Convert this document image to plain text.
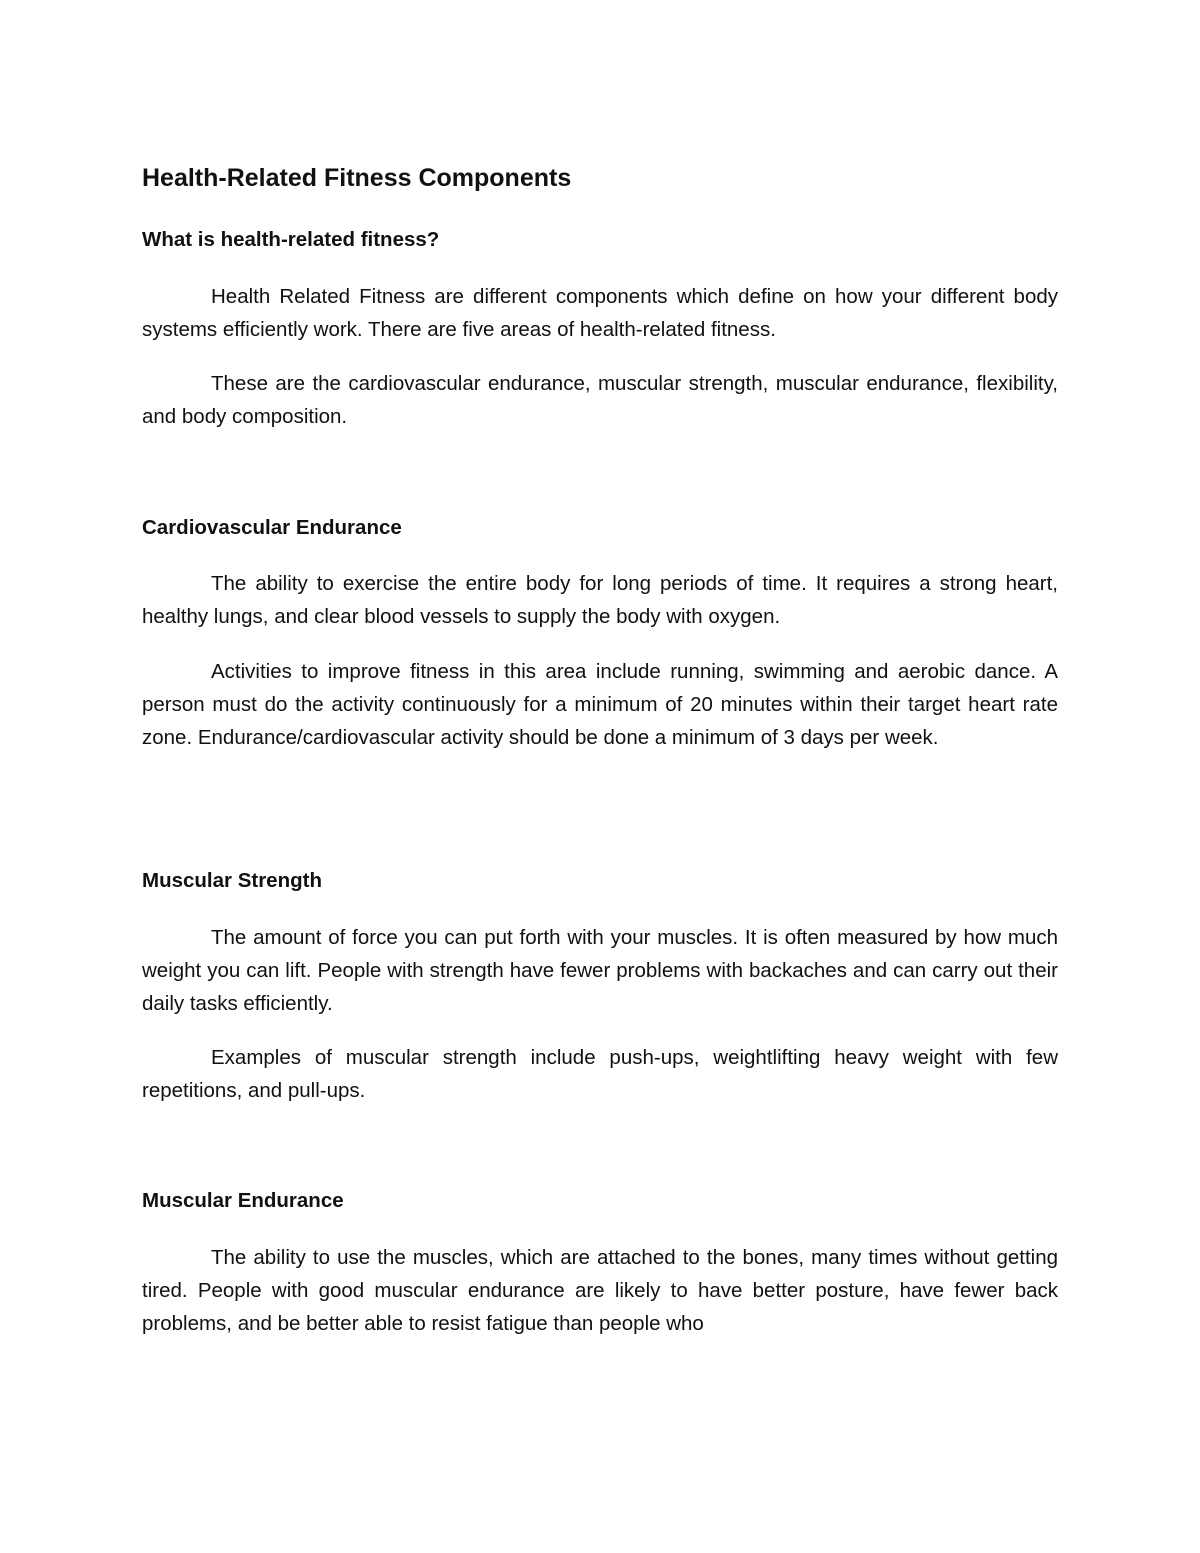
Health-Related Fitness Components
What is health-related fitness?

Health Related Fitness are different components which define on how your different body systems efficiently work. There are five areas of health-related fitness.

These are the cardiovascular endurance, muscular strength, muscular endurance, flexibility, and body composition.

Cardiovascular Endurance

The ability to exercise the entire body for long periods of time. It requires a strong heart, healthy lungs, and clear blood vessels to supply the body with oxygen.

Activities to improve fitness in this area include running, swimming and aerobic dance. A person must do the activity continuously for a minimum of 20 minutes within their target heart rate zone. Endurance/cardiovascular activity should be done a minimum of 3 days per week.

Muscular Strength

The amount of force you can put forth with your muscles. It is often measured by how much weight you can lift. People with strength have fewer problems with backaches and can carry out their daily tasks efficiently.

Examples of muscular strength include push-ups, weightlifting heavy weight with few repetitions, and pull-ups.

Muscular Endurance

The ability to use the muscles, which are attached to the bones, many times without getting tired. People with good muscular endurance are likely to have better posture, have fewer back problems, and be better able to resist fatigue than people who
